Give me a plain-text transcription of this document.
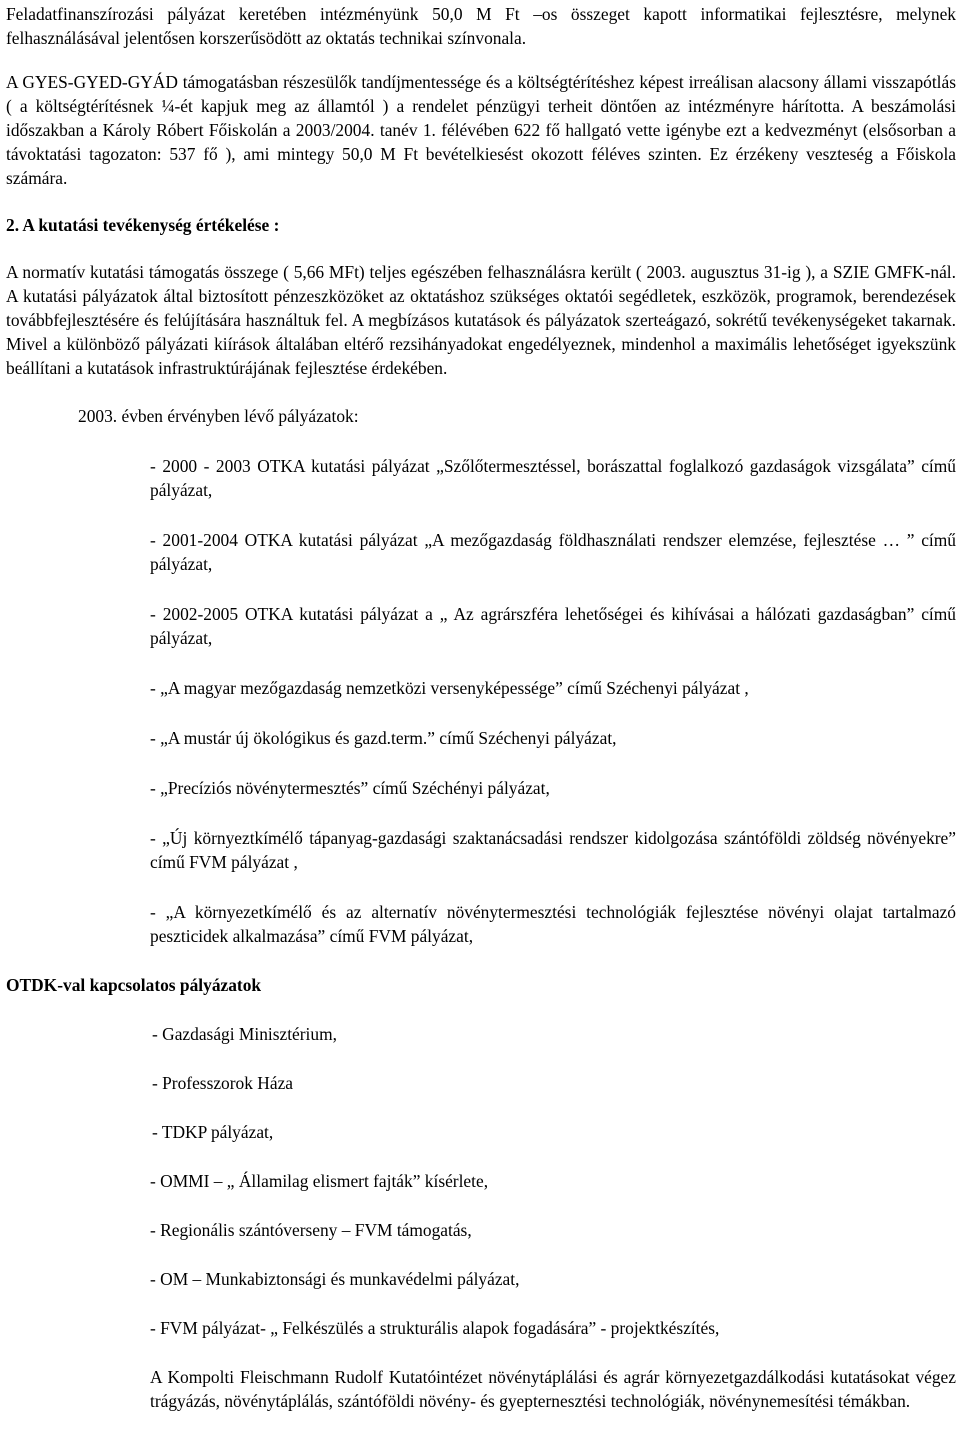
Feladatfinanszírozási pályázat keretében intézményünk 50,0 M Ft –os összeget kapott informatikai fejlesztésre, melynek felhasználásával jelentősen korszerűsödött az oktatás technikai színvonala.

A GYES-GYED-GYÁD támogatásban részesülők tandíjmentessége és a költségtérítéshez képest irreálisan alacsony állami visszapótlás ( a költségtérítésnek ¼-ét kapjuk meg az államtól ) a rendelet pénzügyi terheit döntően az intézményre hárította. A beszámolási időszakban a Károly Róbert Főiskolán a 2003/2004. tanév 1. félévében 622 fő hallgató vette igénybe ezt a kedvezményt (elsősorban a távoktatási tagozaton: 537 fő ), ami mintegy 50,0 M Ft bevételkiesést okozott féléves szinten. Ez érzékeny veszteség a Főiskola számára.

2. A kutatási tevékenység értékelése :

A normatív kutatási támogatás összege ( 5,66 MFt) teljes egészében felhasználásra került ( 2003. augusztus 31-ig ), a SZIE GMFK-nál. A kutatási pályázatok által biztosított pénzeszközöket az oktatáshoz szükséges oktatói segédletek, eszközök, programok, berendezések továbbfejlesztésére és felújítására használtuk fel. A megbízásos kutatások és pályázatok szerteágazó, sokrétű tevékenységeket takarnak. Mivel a különböző pályázati kiírások általában eltérő rezsihányadokat engedélyeznek, mindenhol a maximális lehetőséget igyekszünk beállítani a kutatások infrastruktúrájának fejlesztése érdekében.

2003. évben érvényben lévő pályázatok:

- 2000 - 2003 OTKA kutatási pályázat „Szőlőtermesztéssel, borászattal foglalkozó gazdaságok vizsgálata” című pályázat,

- 2001-2004 OTKA kutatási pályázat „A mezőgazdaság földhasználati rendszer elemzése, fejlesztése … ” című pályázat,

- 2002-2005 OTKA kutatási pályázat a „ Az agrárszféra lehetőségei és kihívásai a hálózati gazdaságban” című pályázat,

- „A magyar mezőgazdaság nemzetközi versenyképessége” című Széchenyi pályázat ,

- „A mustár új ökológikus és gazd.term.” című Széchenyi pályázat,

- „Precíziós növénytermesztés” című Széchényi pályázat,

- „Új környeztkímélő tápanyag-gazdasági szaktanácsadási rendszer kidolgozása szántóföldi zöldség növényekre” című FVM pályázat ,

- „A környezetkímélő és az alternatív növénytermesztési technológiák fejlesztése növényi olajat tartalmazó peszticidek alkalmazása” című FVM pályázat,

OTDK-val kapcsolatos pályázatok

- Gazdasági Minisztérium,

- Professzorok Háza

- TDKP pályázat,

- OMMI – „ Államilag elismert fajták” kísérlete,

- Regionális szántóverseny – FVM támogatás,

- OM – Munkabiztonsági és munkavédelmi pályázat,

- FVM pályázat- „ Felkészülés a strukturális alapok fogadására” - projektkészítés,

A Kompolti Fleischmann Rudolf Kutatóintézet növénytáplálási és agrár környezetgazdálkodási kutatásokat végez trágyázás, növénytáplálás, szántóföldi növény- és gyepternesztési technológiák, növénynemesítési témákban.
